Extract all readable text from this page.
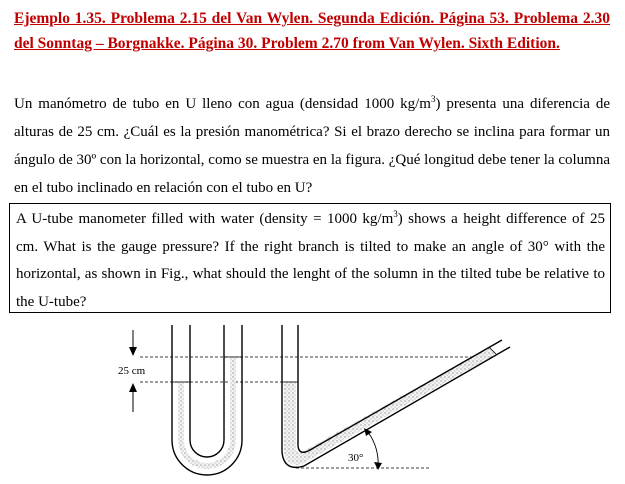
Ejemplo 1.35. Problema 2.15 del Van Wylen. Segunda Edición. Página 53. Problema 2.30 del Sonntag – Borgnakke. Página 30. Problem 2.70 from Van Wylen. Sixth Edition.
Un manómetro de tubo en U lleno con agua (densidad 1000 $kg/m^3$) presenta una diferencia de alturas de 25 cm. ¿Cuál es la presión manométrica? Si el brazo derecho se inclina para formar un ángulo de 30º con la horizontal, como se muestra en la figura. ¿Qué longitud debe tener la columna en el tubo inclinado en relación con el tubo en U?
A U-tube manometer filled with water (density = 1000 $kg/m^3$) shows a height difference of 25 cm. What is the gauge pressure? If the right branch is tilted to make an angle of 30° with the horizontal, as shown in Fig., what should the lenght of the solumn in the tilted tube be relative to the U-tube?
25 cm
30°
